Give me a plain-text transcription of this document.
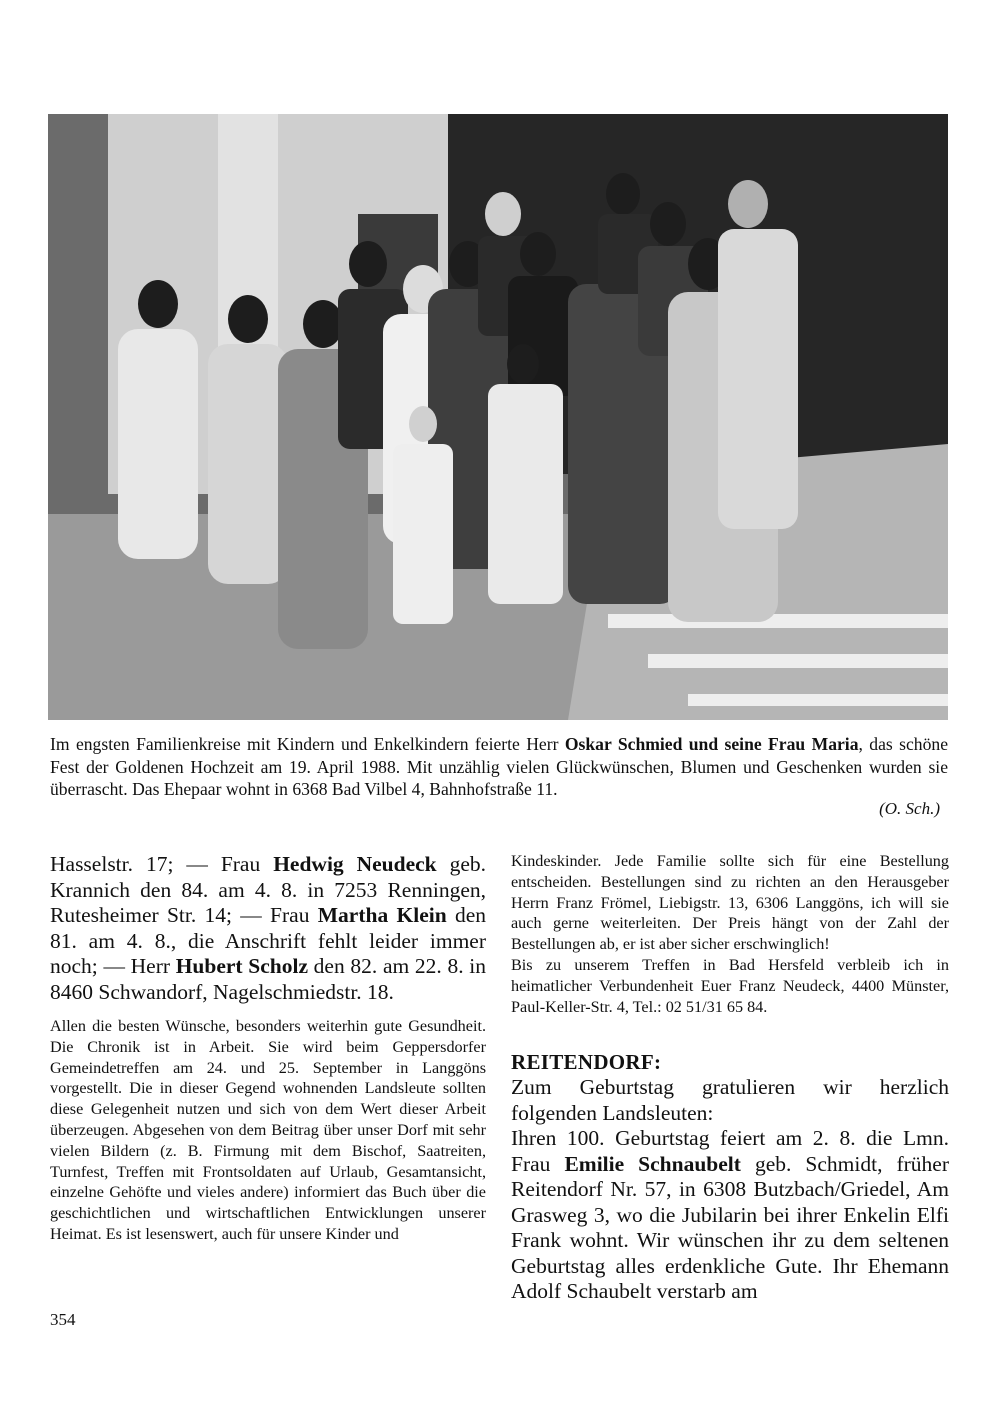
Im engsten Familienkreise mit Kindern und Enkelkindern feierte Herr Oskar Schmied und seine Frau Maria, das schöne Fest der Goldenen Hochzeit am 19. April 1988. Mit unzählig vielen Glückwünschen, Blumen und Geschenken wurden sie überrascht. Das Ehepaar wohnt in 6368 Bad Vilbel 4, Bahnhofstraße 11.

(O. Sch.)

Hasselstr. 17; — Frau Hedwig Neudeck geb. Krannich den 84. am 4. 8. in 7253 Renningen, Rutesheimer Str. 14; — Frau Martha Klein den 81. am 4. 8., die Anschrift fehlt leider immer noch; — Herr Hubert Scholz den 82. am 22. 8. in 8460 Schwandorf, Nagelschmiedstr. 18.

Allen die besten Wünsche, besonders weiterhin gute Gesundheit. Die Chronik ist in Arbeit. Sie wird beim Geppersdorfer Gemeindetreffen am 24. und 25. September in Langgöns vorgestellt. Die in dieser Gegend wohnenden Landsleute sollten diese Gelegenheit nutzen und sich von dem Wert dieser Arbeit überzeugen. Abgesehen von dem Beitrag über unser Dorf mit sehr vielen Bildern (z. B. Firmung mit dem Bischof, Saatreiten, Turnfest, Treffen mit Frontsoldaten auf Urlaub, Gesamtansicht, einzelne Gehöfte und vieles andere) informiert das Buch über die geschichtlichen und wirtschaftlichen Entwicklungen unserer Heimat. Es ist lesenswert, auch für unsere Kinder und

Kindeskinder. Jede Familie sollte sich für eine Bestellung entscheiden. Bestellungen sind zu richten an den Herausgeber Herrn Franz Frömel, Liebigstr. 13, 6306 Langgöns, ich will sie auch gerne weiterleiten. Der Preis hängt von der Zahl der Bestellungen ab, er ist aber sicher erschwinglich!

Bis zu unserem Treffen in Bad Hersfeld verbleib ich in heimatlicher Verbundenheit Euer Franz Neudeck, 4400 Münster, Paul-Keller-Str. 4, Tel.: 02 51/31 65 84.

REITENDORF:

Zum Geburtstag gratulieren wir herzlich folgenden Landsleuten:

Ihren 100. Geburtstag feiert am 2. 8. die Lmn. Frau Emilie Schnaubelt geb. Schmidt, früher Reitendorf Nr. 57, in 6308 Butzbach/Griedel, Am Grasweg 3, wo die Jubilarin bei ihrer Enkelin Elfi Frank wohnt. Wir wünschen ihr zu dem seltenen Geburtstag alles erdenkliche Gute. Ihr Ehemann Adolf Schaubelt verstarb am

354
